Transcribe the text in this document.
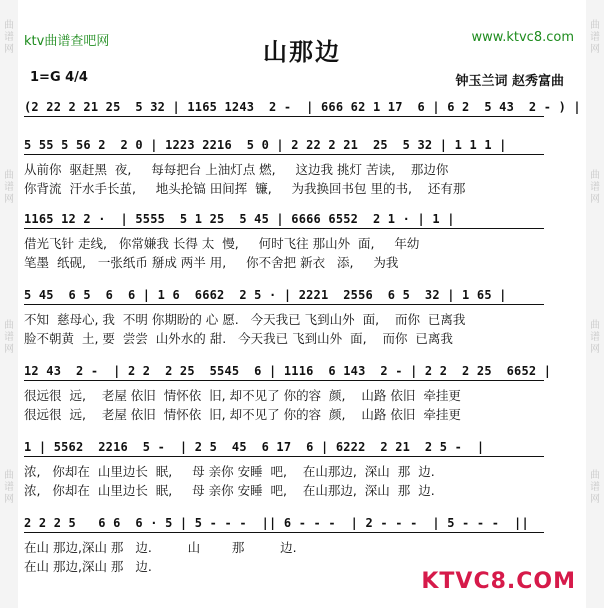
ktv曲谱查吧网	www.ktvc8.com
山那边
1=G 4/4	钟玉兰词 赵秀富曲
(2 22 2 21 25  5 32 | 1165 1243  2 -  | 666 62 1 17  6 | 6 2  5 43  2 - ) |
5 55 5 56 2  2 0 | 1223 2216  5 0 | 2 22 2 21  25  5 32 | 1 1 1 |
从前你  驱赶黑  夜,     每每把台 上油灯点 燃,     这边我 挑灯 苦读,    那边你
你背流  汗水手长茧,     地头抡镐 田间挥  镰,     为我换回书包 里的书,    还有那
1165 12 2 ·  | 5555  5 1 25  5 45 | 6666 6552  2 1 · | 1 |
借光飞针 走线,   你常嫌我 长得 太  慢,     何时飞往 那山外  面,     年幼
笔墨  纸砚,   一张纸币 掰成 两半 用,     你不舍把 新衣   添,     为我
5 45  6 5  6  6 | 1 6  6662  2 5 · | 2221  2556  6 5  32 | 1 65 |
不知  慈母心, 我  不明 你期盼的 心 愿.   今天我已 飞到山外  面,    而你  已离我
脸不朝黄  土, 要  尝尝  山外水的 甜.   今天我已 飞到山外  面,    而你  已离我
12 43  2 -  | 2 2  2 25  5545  6 | 1116  6 143  2 - | 2 2  2 25  6652 |
很远很  远,    老屋 依旧  情怀依  旧, 却不见了 你的容  颜,    山路 依旧  牵挂更
很远很  远,    老屋 依旧  情怀依  旧, 却不见了 你的容  颜,    山路 依旧  牵挂更
1 | 5562  2216  5 -  | 2 5  45  6 17  6 | 6222  2 21  2 5 -  |
浓,   你却在  山里边长  眠,     母 亲你 安睡  吧,    在山那边,  深山  那  边.
浓,   你却在  山里边长  眠,     母 亲你 安睡  吧,    在山那边,  深山  那  边.
2 2 2 5   6 6  6 · 5 | 5 - - -  || 6 - - -  | 2 - - -  | 5 - - -  ||
在山 那边,深山 那   边.         山        那         边.
在山 那边,深山 那   边.
KTVC8.COM
曲
谱
网
曲
谱
网
曲
谱
网
曲
谱
网
曲
谱
网
曲
谱
网
曲
谱
网
曲
谱
网
